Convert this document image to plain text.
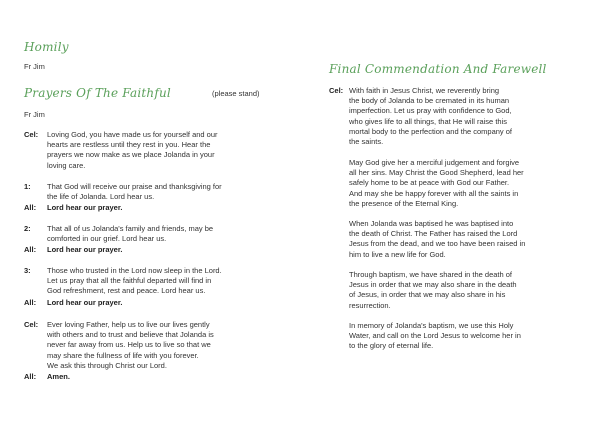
Homily
Fr Jim
Prayers Of The Faithful	(please stand)
Fr Jim
Cel: Loving God, you have made us for yourself and our
hearts are restless until they rest in you. Hear the
prayers we now make as we place Jolanda in your
loving care.
1: That God will receive our praise and thanksgiving for
the life of Jolanda. Lord hear us.
All: Lord hear our prayer.
2: That all of us Jolanda's family and friends, may be
comforted in our grief. Lord hear us.
All: Lord hear our prayer.
3: Those who trusted in the Lord now sleep in the Lord.
Let us pray that all the faithful departed will find in
God refreshment, rest and peace. Lord hear us.
All: Lord hear our prayer.
Cel: Ever loving Father, help us to live our lives gently
with others and to trust and believe that Jolanda is
never far away from us. Help us to live so that we
may share the fullness of life with you forever.
We ask this through Christ our Lord.
All: Amen.
Final Commendation And Farewell
Cel: With faith in Jesus Christ, we reverently bring
the body of Jolanda to be cremated in its human
imperfection. Let us pray with confidence to God,
who gives life to all things, that He will raise this
mortal body to the perfection and the company of
the saints.
May God give her a merciful judgement and forgive
all her sins. May Christ the Good Shepherd, lead her
safely home to be at peace with God our Father.
And may she be happy forever with all the saints in
the presence of the Eternal King.
When Jolanda was baptised he was baptised into
the death of Christ. The Father has raised the Lord
Jesus from the dead, and we too have been raised in
him to live a new life for God.
Through baptism, we have shared in the death of
Jesus in order that we may also share in the death
of Jesus, in order that we may also share in his
resurrection.
In memory of Jolanda's baptism, we use this Holy
Water, and call on the Lord Jesus to welcome her in
to the glory of eternal life.
